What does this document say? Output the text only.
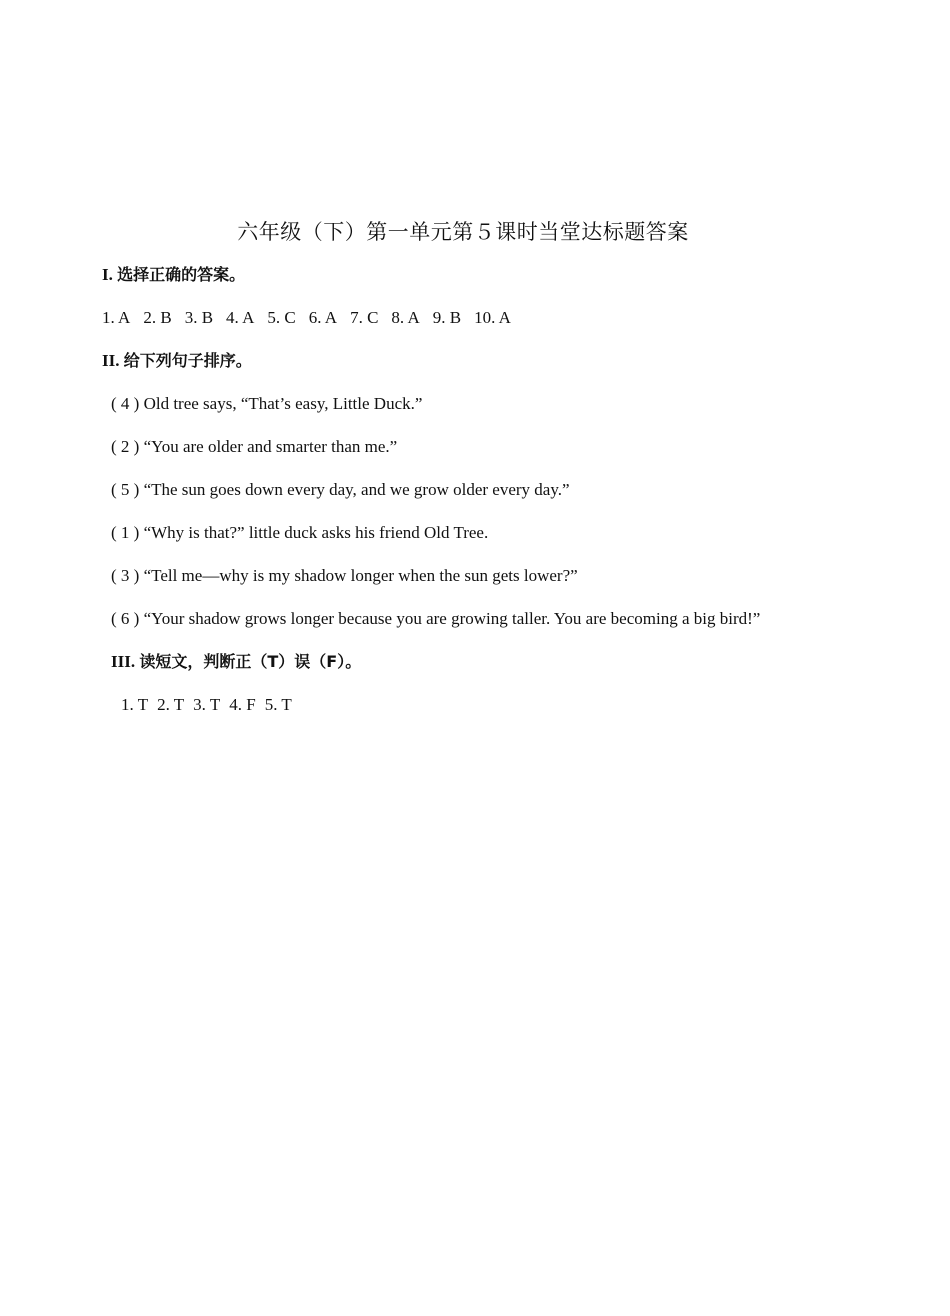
六年级（下）第一单元第５课时当堂达标题答案
I. 选择正确的答案。
1. A 2. B 3. B 4. A 5. C 6. A 7. C 8. A 9. B 10. A
II. 给下列句子排序。
( 4 ) Old tree says, “That’s easy, Little Duck.”
( 2 ) “You are older and smarter than me.”
( 5 ) “The sun goes down every day, and we grow older every day.”
( 1 ) “Why is that?” little duck asks his friend Old Tree.
( 3 ) “Tell me—why is my shadow longer when the sun gets lower?”
( 6 ) “Your shadow grows longer because you are growing taller. You are becoming a big bird!”
III. 读短文，判断正（T）误（F）。
1. T 2. T 3. T 4. F 5. T
